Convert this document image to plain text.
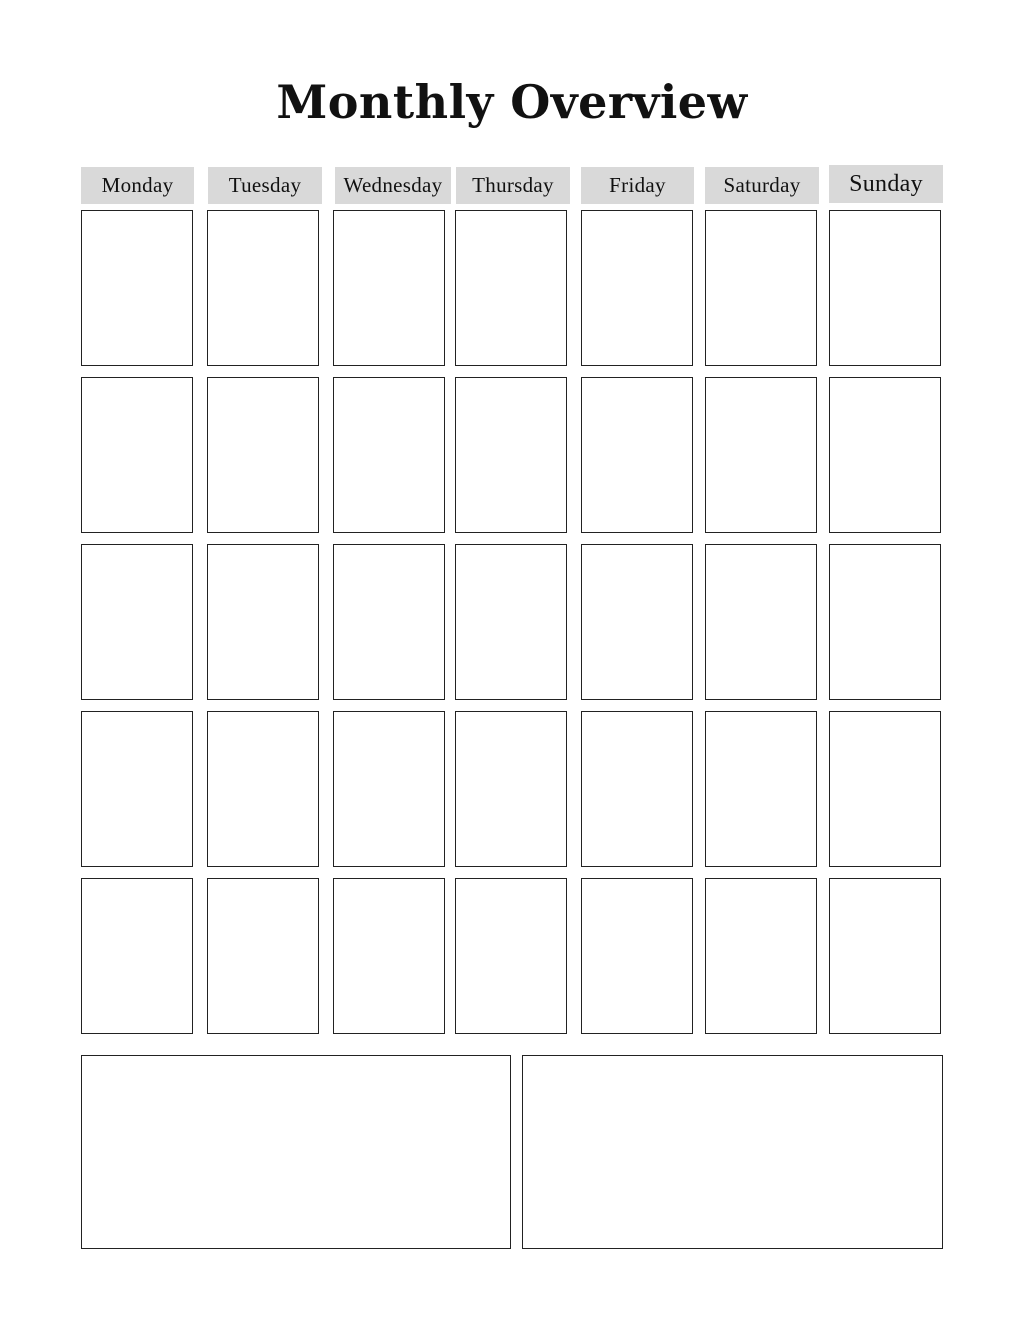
Monthly Overview
Monday	Tuesday	Wednesday	Thursday	Friday	Saturday	Sunday
